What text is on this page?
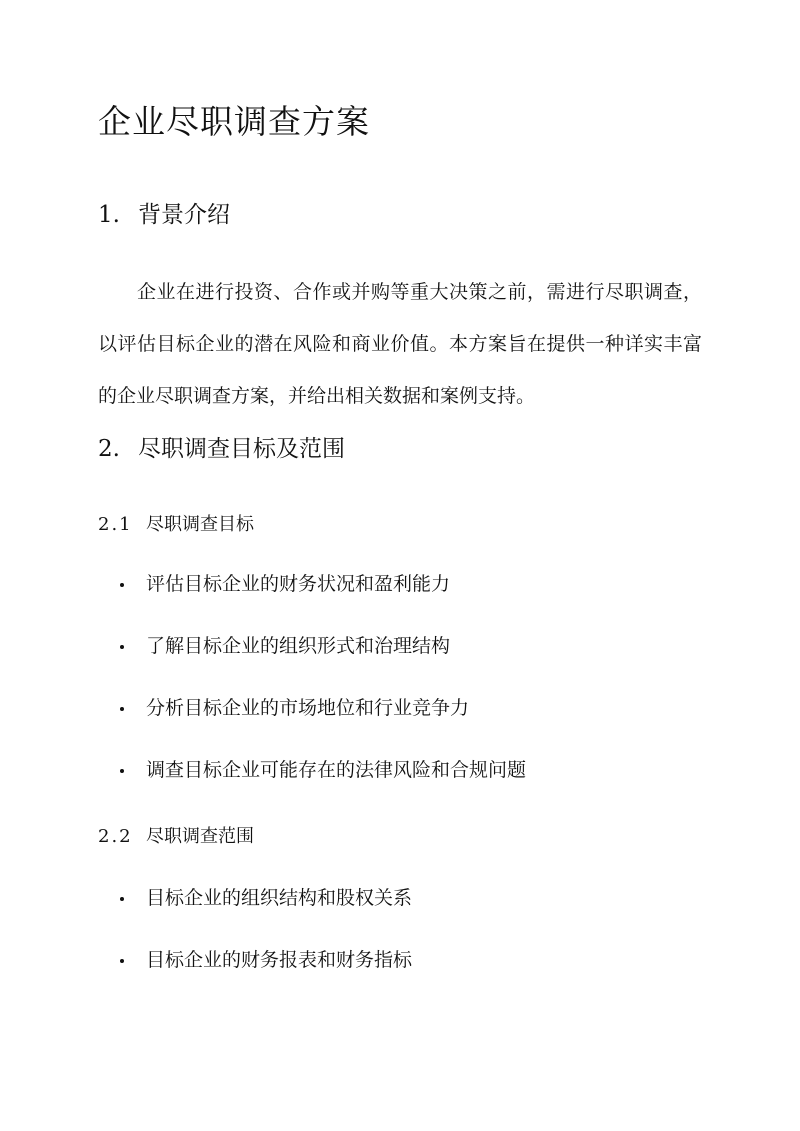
企业尽职调查方案
1. 背景介绍

企业在进行投资、合作或并购等重大决策之前，需进行尽职调查，以评估目标企业的潜在风险和商业价值。本方案旨在提供一种详实丰富的企业尽职调查方案，并给出相关数据和案例支持。

2. 尽职调查目标及范围
2.1 尽职调查目标
评估目标企业的财务状况和盈利能力
了解目标企业的组织形式和治理结构
分析目标企业的市场地位和行业竞争力
调查目标企业可能存在的法律风险和合规问题
2.2 尽职调查范围
目标企业的组织结构和股权关系
目标企业的财务报表和财务指标
